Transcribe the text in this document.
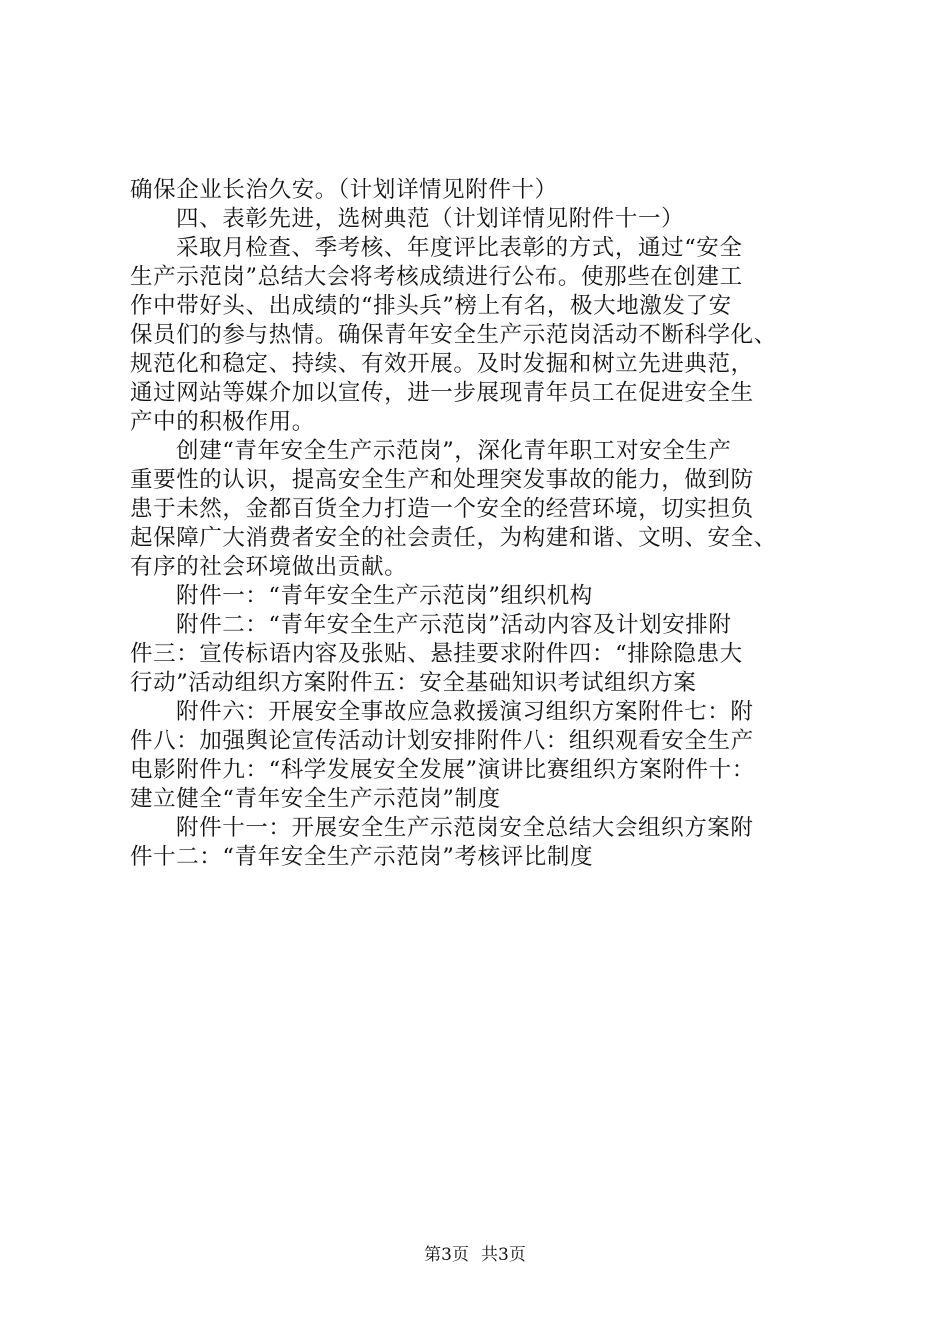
确保企业长治久安。（计划详情见附件十）
四、表彰先进，选树典范（计划详情见附件十一）
采取月检查、季考核、年度评比表彰的方式，通过“安全
生产示范岗”总结大会将考核成绩进行公布。使那些在创建工
作中带好头、出成绩的“排头兵”榜上有名，极大地激发了安
保员们的参与热情。确保青年安全生产示范岗活动不断科学化、
规范化和稳定、持续、有效开展。及时发掘和树立先进典范，
通过网站等媒介加以宣传，进一步展现青年员工在促进安全生
产中的积极作用。
创建“青年安全生产示范岗”，深化青年职工对安全生产
重要性的认识，提高安全生产和处理突发事故的能力，做到防
患于未然，金都百货全力打造一个安全的经营环境，切实担负
起保障广大消费者安全的社会责任，为构建和谐、文明、安全、
有序的社会环境做出贡献。
附件一：“青年安全生产示范岗”组织机构
附件二：“青年安全生产示范岗”活动内容及计划安排附
件三：宣传标语内容及张贴、悬挂要求附件四：“排除隐患大
行动”活动组织方案附件五：安全基础知识考试组织方案
附件六：开展安全事故应急救援演习组织方案附件七：附
件八：加强舆论宣传活动计划安排附件八：组织观看安全生产
电影附件九：“科学发展安全发展”演讲比赛组织方案附件十：
建立健全“青年安全生产示范岗”制度
附件十一：开展安全生产示范岗安全总结大会组织方案附
件十二：“青年安全生产示范岗”考核评比制度
第3页 共3页
